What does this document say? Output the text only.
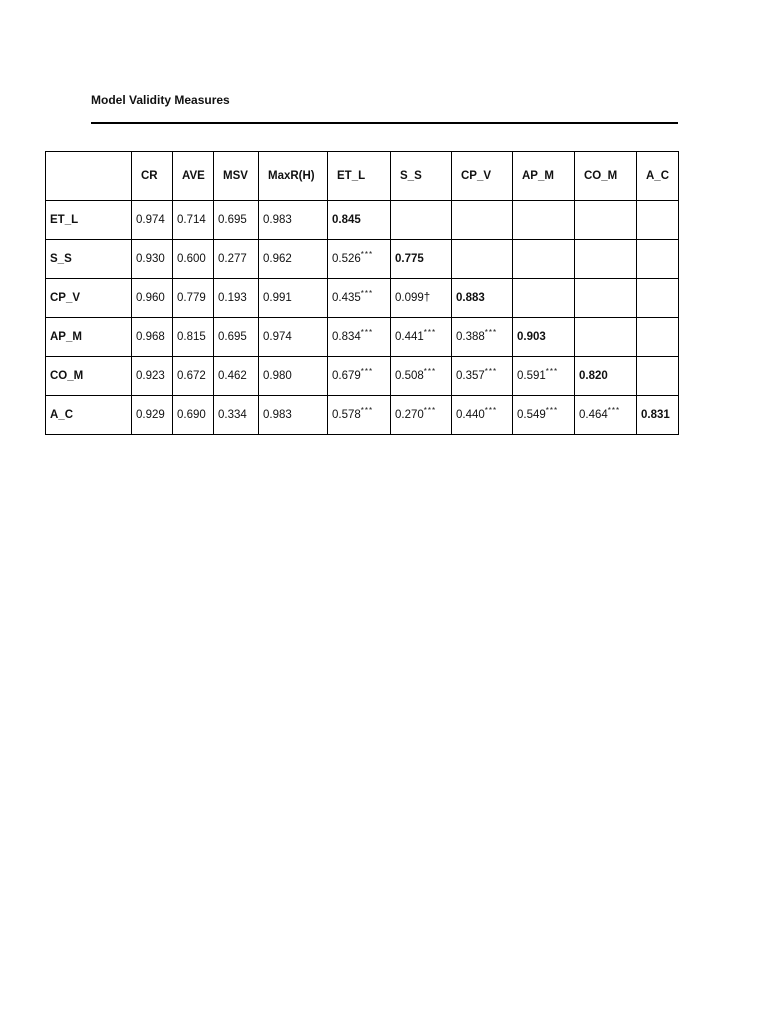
Model Validity Measures
	CR	AVE	MSV	MaxR(H)	ET_L	S_S	CP_V	AP_M	CO_M	A_C
ET_L	0.974	0.714	0.695	0.983	0.845					
S_S	0.930	0.600	0.277	0.962	0.526***	0.775				
CP_V	0.960	0.779	0.193	0.991	0.435***	0.099†	0.883			
AP_M	0.968	0.815	0.695	0.974	0.834***	0.441***	0.388***	0.903		
CO_M	0.923	0.672	0.462	0.980	0.679***	0.508***	0.357***	0.591***	0.820	
A_C	0.929	0.690	0.334	0.983	0.578***	0.270***	0.440***	0.549***	0.464***	0.831
